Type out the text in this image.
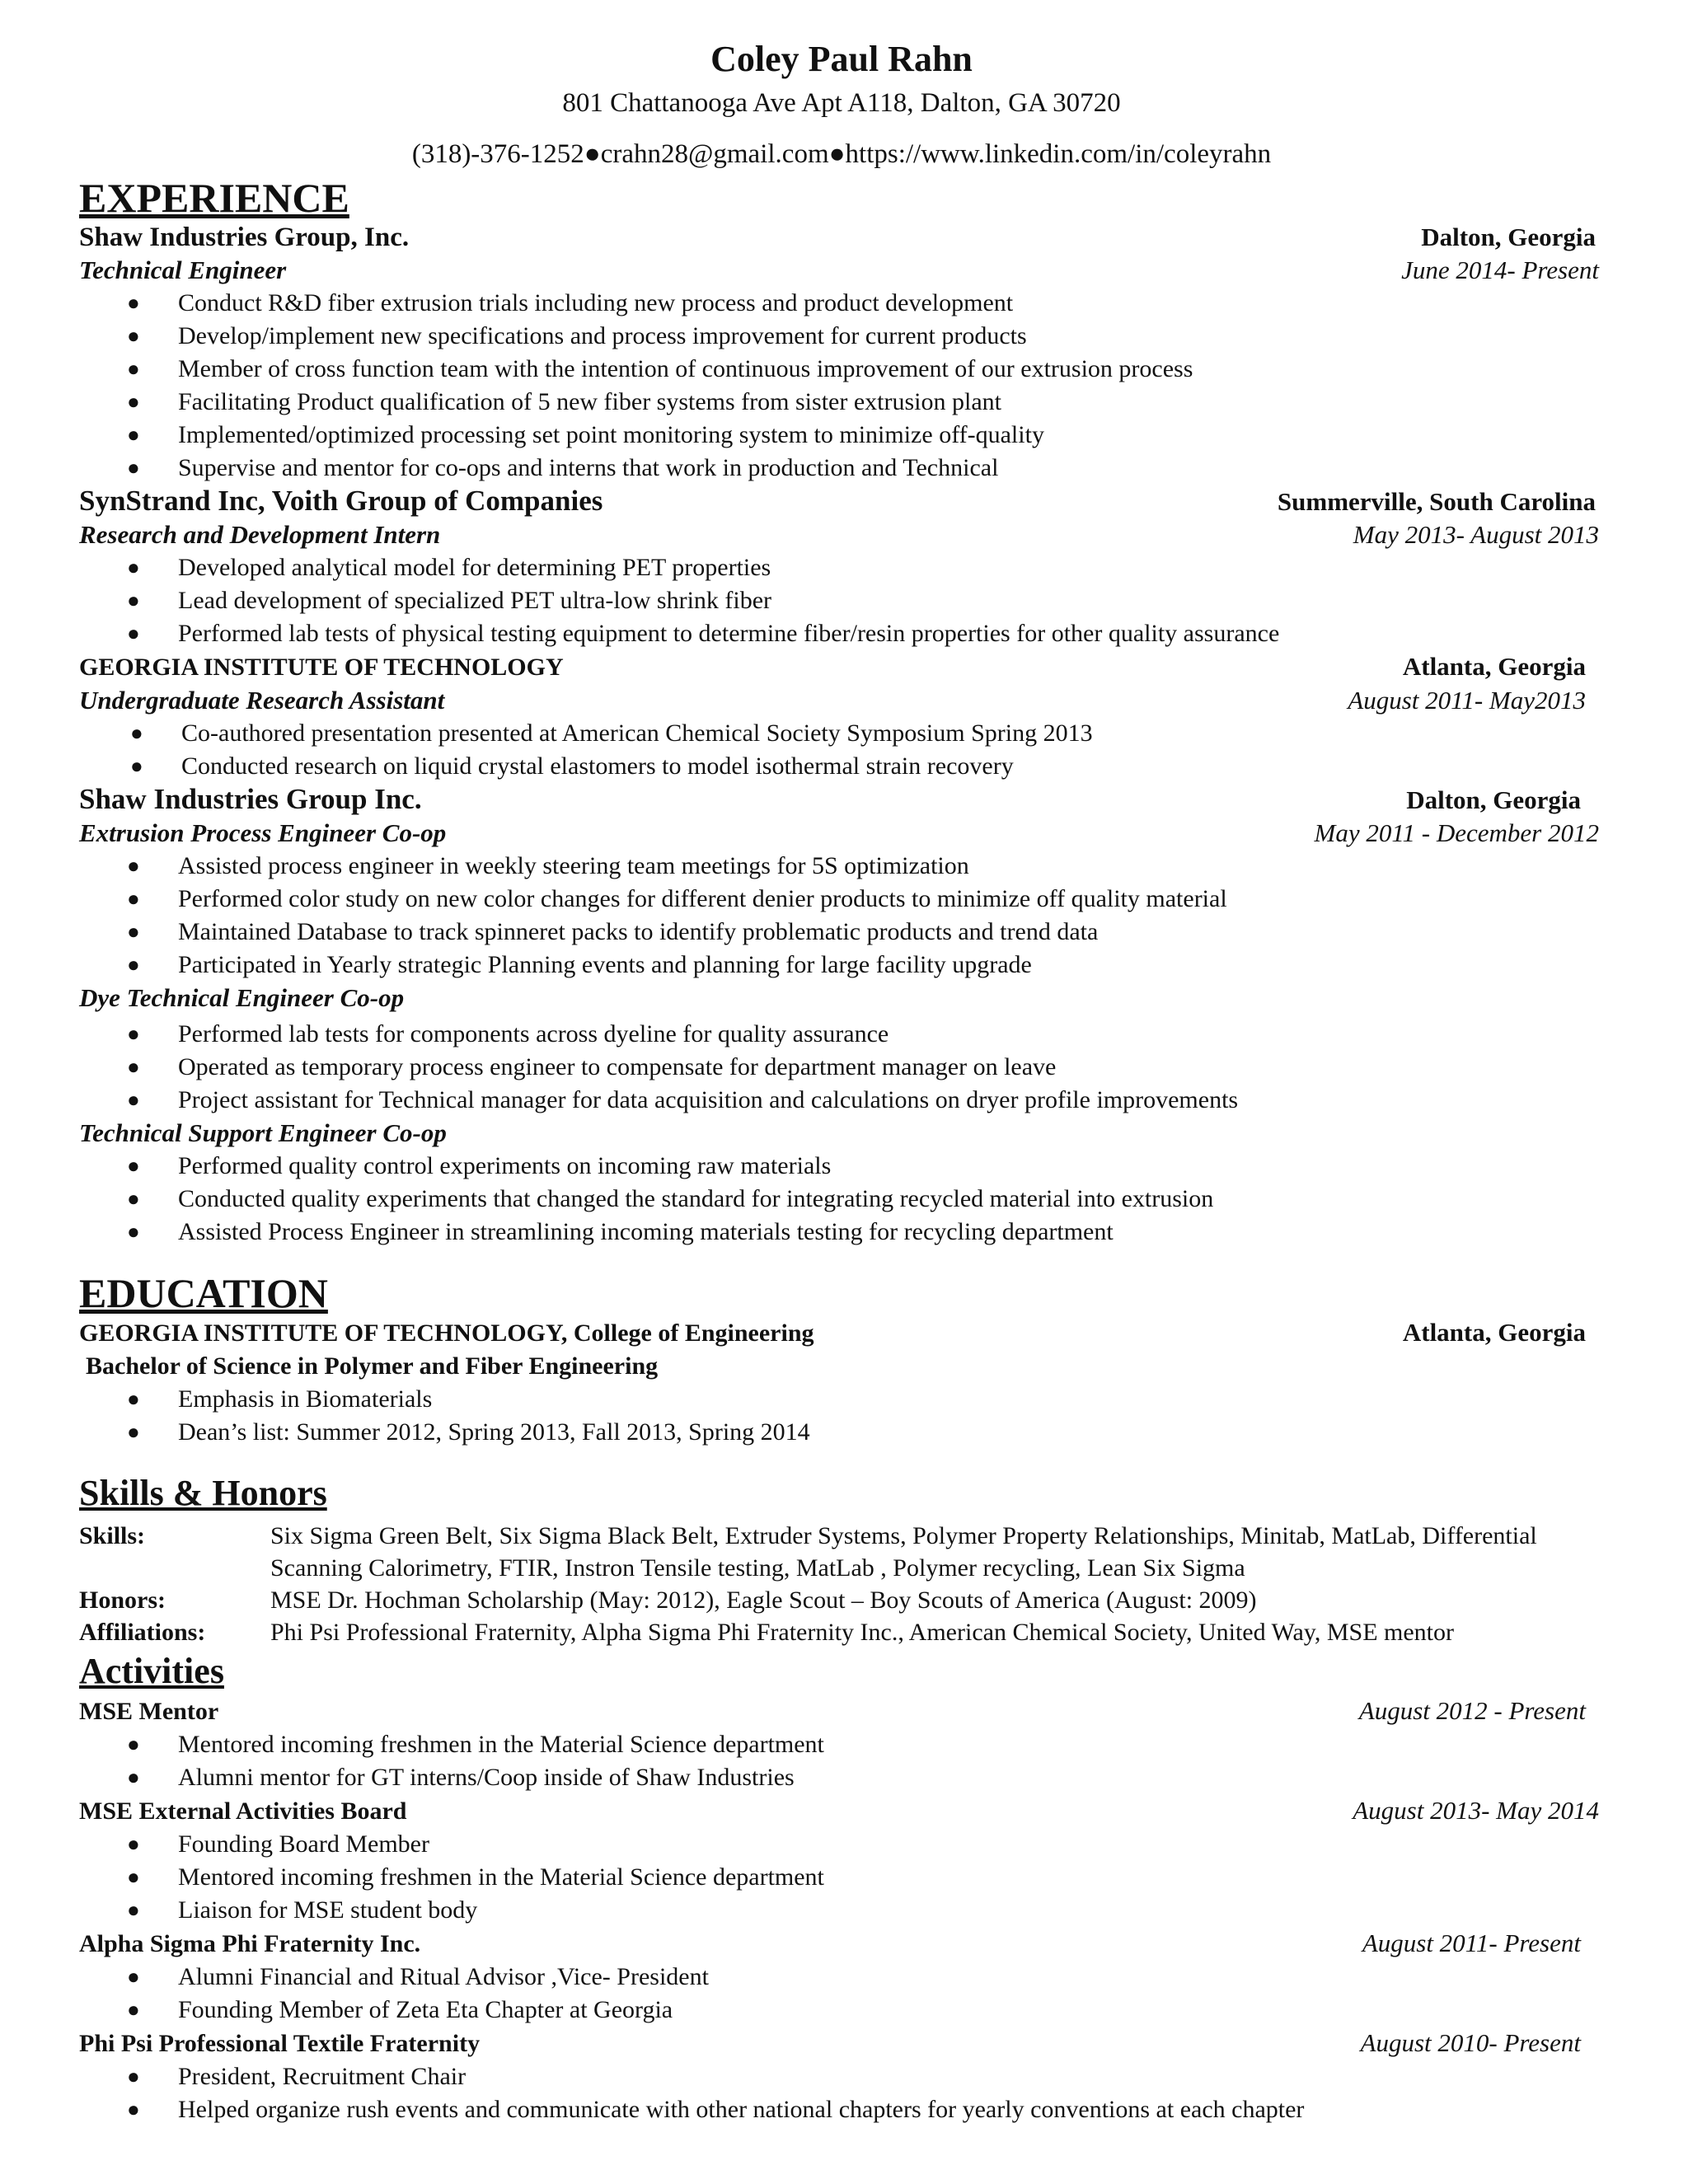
Coley Paul Rahn
801 Chattanooga Ave Apt A118, Dalton, GA 30720
(318)-376-1252●crahn28@gmail.com●https://www.linkedin.com/in/coleyrahn
EXPERIENCE
Shaw Industries Group, Inc.	Dalton, Georgia
Technical Engineer	June 2014- Present
● Conduct R&D fiber extrusion trials including new process and product development
● Develop/implement new specifications and process improvement for current products
● Member of cross function team with the intention of continuous improvement of our extrusion process
● Facilitating Product qualification of 5 new fiber systems from sister extrusion plant
● Implemented/optimized processing set point monitoring system to minimize off-quality
● Supervise and mentor for co-ops and interns that work in production and Technical
SynStrand Inc, Voith Group of Companies	Summerville, South Carolina
Research and Development Intern	May 2013- August 2013
● Developed analytical model for determining PET properties
● Lead development of specialized PET ultra-low shrink fiber
● Performed lab tests of physical testing equipment to determine fiber/resin properties for other quality assurance
GEORGIA INSTITUTE OF TECHNOLOGY	Atlanta, Georgia
Undergraduate Research Assistant	August 2011- May2013
● Co-authored presentation presented at American Chemical Society Symposium Spring 2013
● Conducted research on liquid crystal elastomers to model isothermal strain recovery
Shaw Industries Group Inc.	Dalton, Georgia
Extrusion Process Engineer Co-op	May 2011 - December 2012
● Assisted process engineer in weekly steering team meetings for 5S optimization
● Performed color study on new color changes for different denier products to minimize off quality material
● Maintained Database to track spinneret packs to identify problematic products and trend data
● Participated in Yearly strategic Planning events and planning for large facility upgrade
Dye Technical Engineer Co-op
● Performed lab tests for components across dyeline for quality assurance
● Operated as temporary process engineer to compensate for department manager on leave
● Project assistant for Technical manager for data acquisition and calculations on dryer profile improvements
Technical Support Engineer Co-op
● Performed quality control experiments on incoming raw materials
● Conducted quality experiments that changed the standard for integrating recycled material into extrusion
● Assisted Process Engineer in streamlining incoming materials testing for recycling department
EDUCATION
GEORGIA INSTITUTE OF TECHNOLOGY, College of Engineering	Atlanta, Georgia
Bachelor of Science in Polymer and Fiber Engineering
● Emphasis in Biomaterials
● Dean’s list: Summer 2012, Spring 2013, Fall 2013, Spring 2014
Skills & Honors
Skills:	Six Sigma Green Belt, Six Sigma Black Belt, Extruder Systems, Polymer Property Relationships, Minitab, MatLab, Differential Scanning Calorimetry, FTIR, Instron Tensile testing, MatLab , Polymer recycling, Lean Six Sigma
Honors:	MSE Dr. Hochman Scholarship (May: 2012), Eagle Scout – Boy Scouts of America (August: 2009)
Affiliations:	Phi Psi Professional Fraternity, Alpha Sigma Phi Fraternity Inc., American Chemical Society, United Way, MSE mentor
Activities
MSE Mentor	August 2012 - Present
● Mentored incoming freshmen in the Material Science department
● Alumni mentor for GT interns/Coop inside of Shaw Industries
MSE External Activities Board	August 2013- May 2014
● Founding Board Member
● Mentored incoming freshmen in the Material Science department
● Liaison for MSE student body
Alpha Sigma Phi Fraternity Inc.	August 2011- Present
● Alumni Financial and Ritual Advisor ,Vice- President
● Founding Member of Zeta Eta Chapter at Georgia
Phi Psi Professional Textile Fraternity	August 2010- Present
● President, Recruitment Chair
● Helped organize rush events and communicate with other national chapters for yearly conventions at each chapter
